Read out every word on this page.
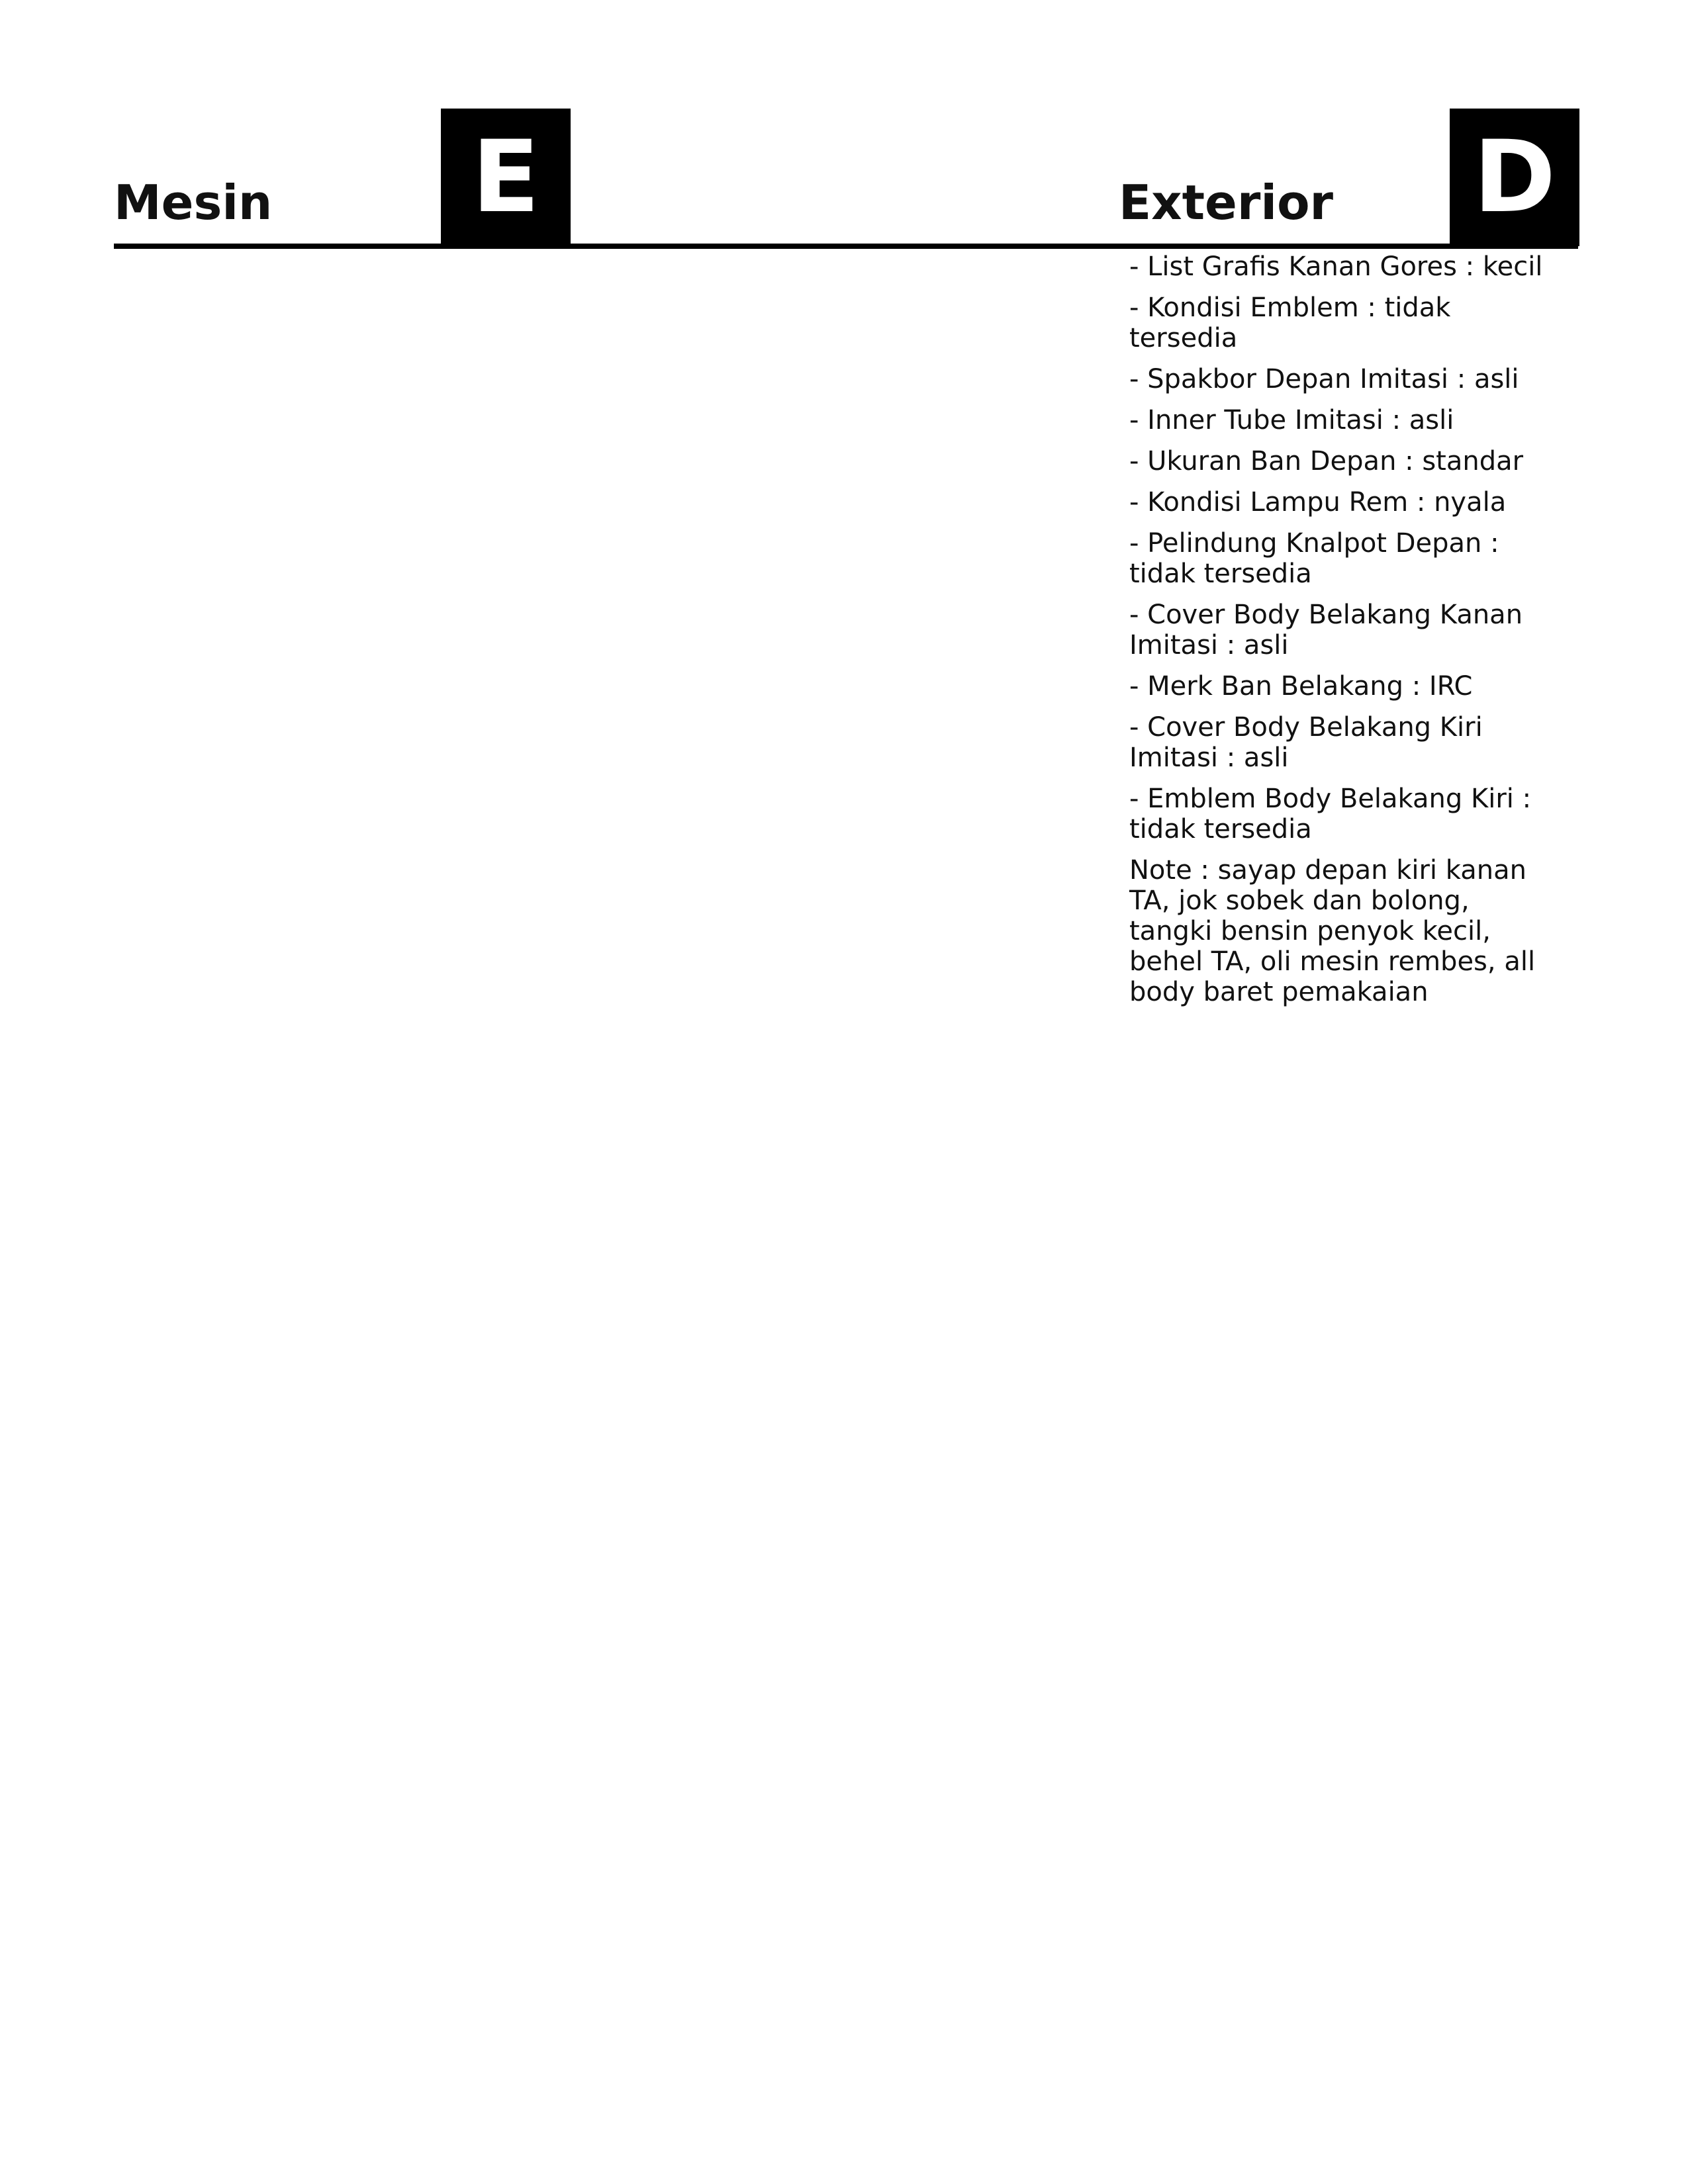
Mesin	E	Exterior D
- List Grafis Kanan Gores : kecil
- Kondisi Emblem : tidak tersedia
- Spakbor Depan Imitasi : asli
- Inner Tube Imitasi : asli
- Ukuran Ban Depan : standar
- Kondisi Lampu Rem : nyala
- Pelindung Knalpot Depan : tidak tersedia
- Cover Body Belakang Kanan Imitasi : asli
- Merk Ban Belakang : IRC
- Cover Body Belakang Kiri Imitasi : asli
- Emblem Body Belakang Kiri : tidak tersedia

Note : sayap depan kiri kanan TA, jok sobek dan bolong, tangki bensin penyok kecil, behel TA, oli mesin rembes, all body baret pemakaian
